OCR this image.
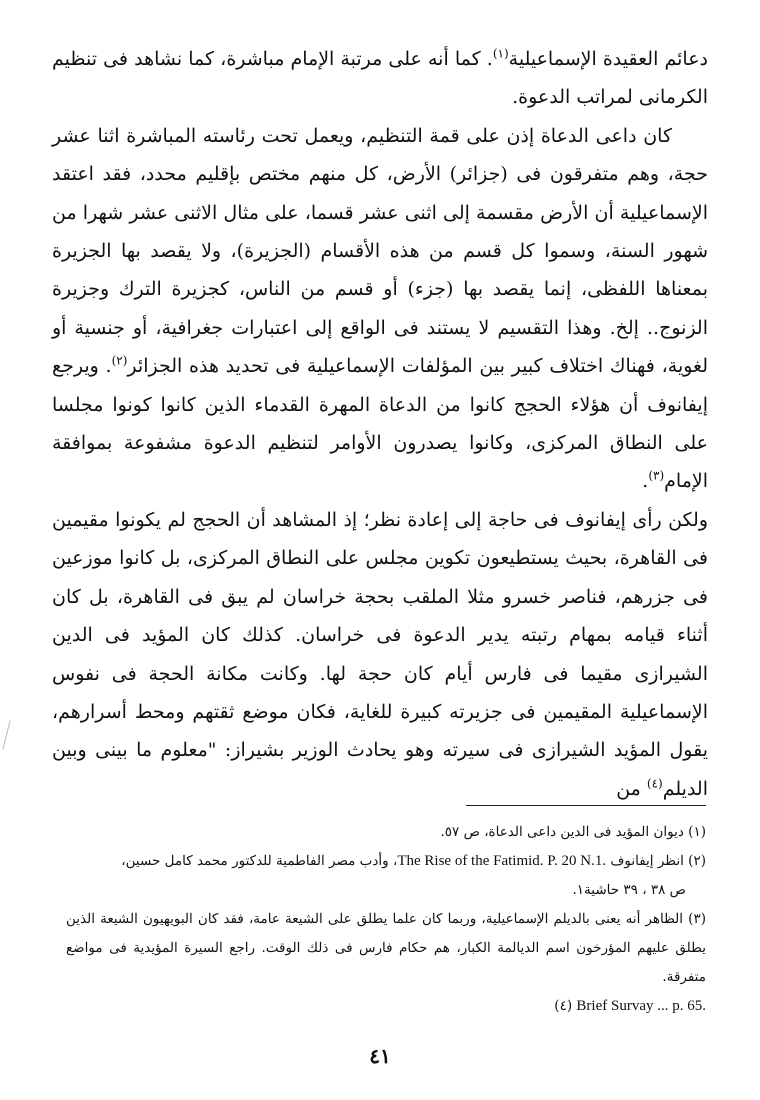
دعائم العقيدة الإسماعيلية$^{(١)}$. كما أنه على مرتبة الإمام مباشرة، كما نشاهد فى تنظيم الكرمانى لمراتب الدعوة.

كان داعى الدعاة إذن على قمة التنظيم، ويعمل تحت رئاسته المباشرة اثنا عشر حجة، وهم متفرقون فى (جزائر) الأرض، كل منهم مختص بإقليم محدد، فقد اعتقد الإسماعيلية أن الأرض مقسمة إلى اثنى عشر قسما، على مثال الاثنى عشر شهرا من شهور السنة، وسموا كل قسم من هذه الأقسام (الجزيرة)، ولا يقصد بها الجزيرة بمعناها اللفظى، إنما يقصد بها (جزء) أو قسم من الناس، كجزيرة الترك وجزيرة الزنوج.. إلخ. وهذا التقسيم لا يستند فى الواقع إلى اعتبارات جغرافية، أو جنسية أو لغوية، فهناك اختلاف كبير بين المؤلفات الإسماعيلية فى تحديد هذه الجزائر$^{(٢)}$. ويرجع إيفانوف أن هؤلاء الحجج كانوا من الدعاة المهرة القدماء الذين كانوا كونوا مجلسا على النطاق المركزى، وكانوا يصدرون الأوامر لتنظيم الدعوة مشفوعة بموافقة الإمام$^{(٣)}$.

ولكن رأى إيفانوف فى حاجة إلى إعادة نظر؛ إذ المشاهد أن الحجج لم يكونوا مقيمين فى القاهرة، بحيث يستطيعون تكوين مجلس على النطاق المركزى، بل كانوا موزعين فى جزرهم، فناصر خسرو مثلا الملقب بحجة خراسان لم يبق فى القاهرة، بل كان أثناء قيامه بمهام رتبته يدير الدعوة فى خراسان. كذلك كان المؤيد فى الدين الشيرازى مقيما فى فارس أيام كان حجة لها. وكانت مكانة الحجة فى نفوس الإسماعيلية المقيمين فى جزيرته كبيرة للغاية، فكان موضع ثقتهم ومحط أسرارهم، يقول المؤيد الشيرازى فى سيرته وهو يحادث الوزير بشيراز: "معلوم ما بينى وبين الديلم$^{(٤)}$ من

(١) ديوان المؤيد فى الدين داعى الدعاة، ص ٥٧.

(٢) انظر إيفانوف The Rise of the Fatimid. P. 20 N.1.، وأدب مصر الفاطمية للدكتور محمد كامل حسين،

ص ٣٨ ، ٣٩ حاشية١.

(٣) الظاهر أنه يعنى بالديلم الإسماعيلية، وربما كان علما يطلق على الشيعة عامة، فقد كان البويهيون الشيعة الذين يطلق عليهم المؤرخون اسم الديالمة الكبار، هم حكام فارس فى ذلك الوقت. راجع السيرة المؤيدية فى مواضع متفرقة.

Brief Survay ... p. 65.(٤)

٤١
